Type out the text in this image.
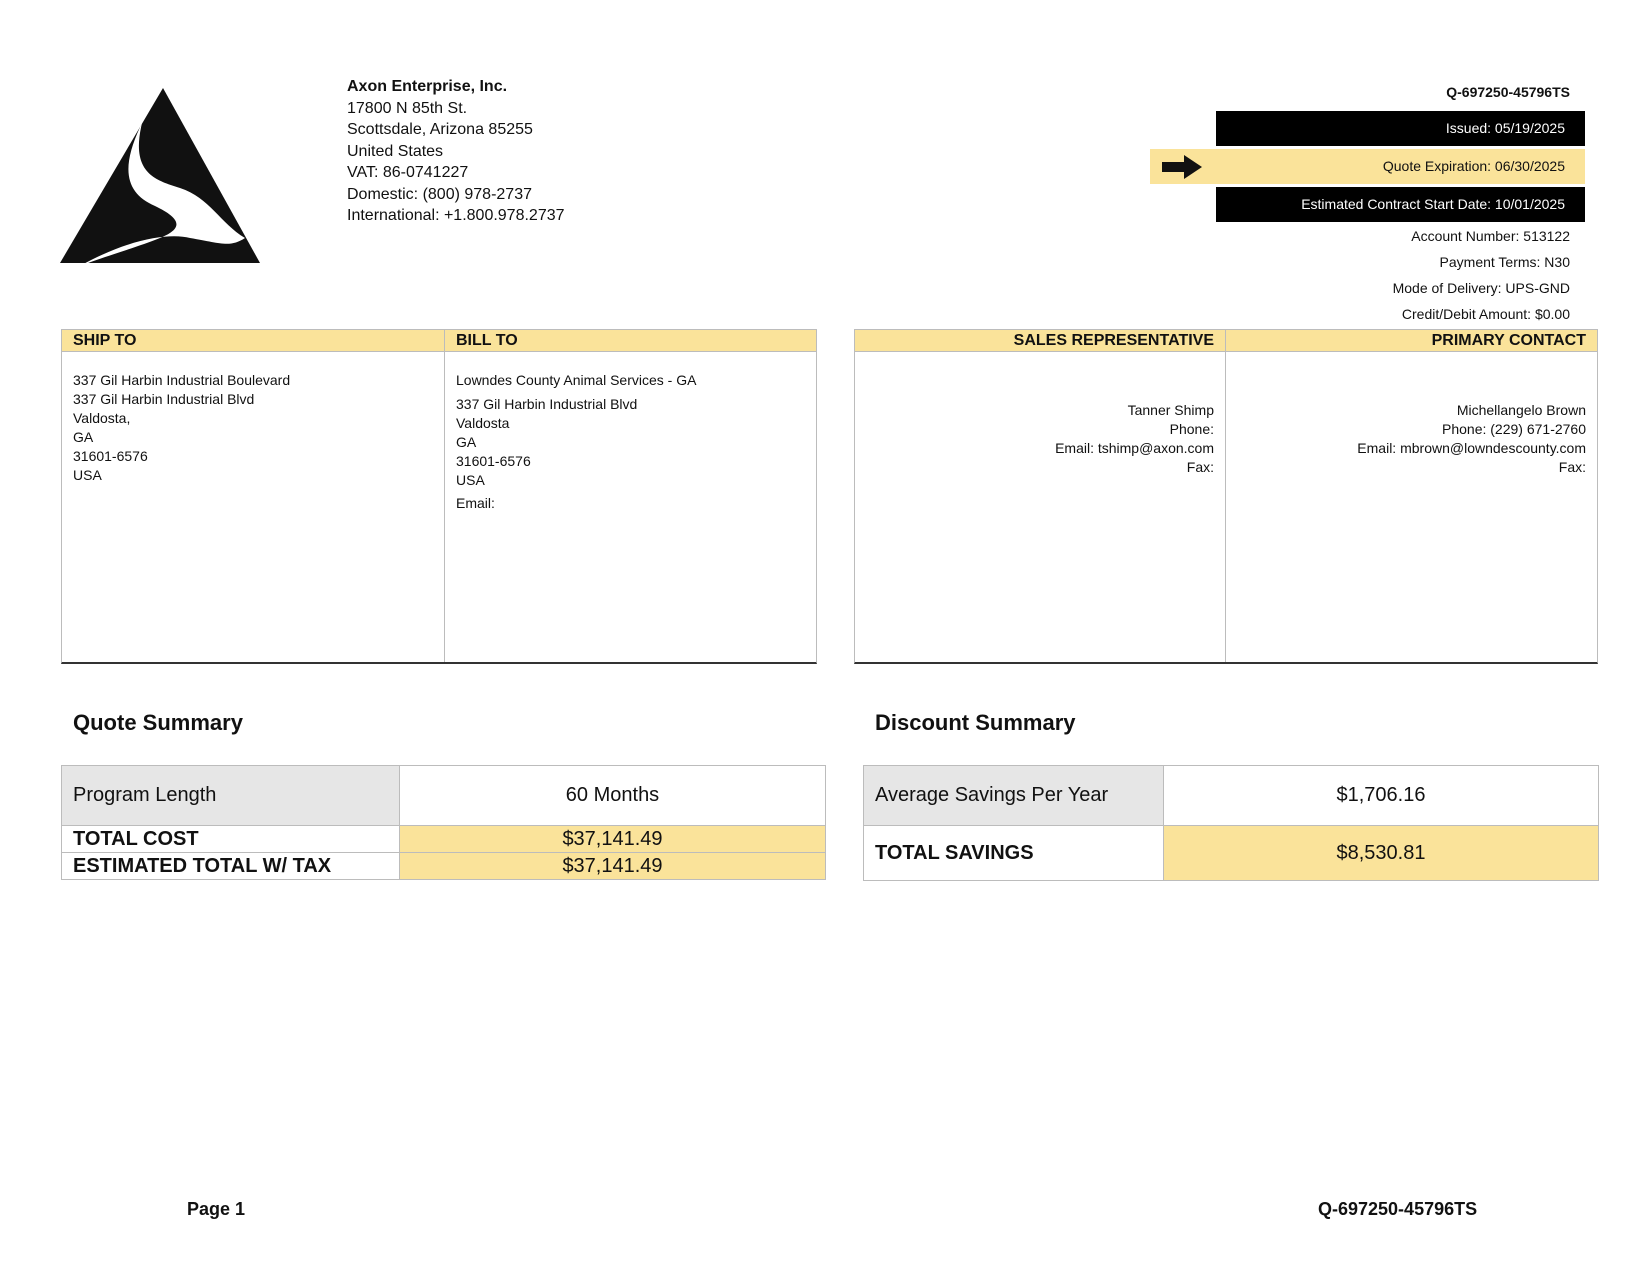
Axon Enterprise, Inc.
17800 N 85th St.
Scottsdale, Arizona 85255
United States
VAT: 86-0741227
Domestic: (800) 978-2737
International: +1.800.978.2737
Q-697250-45796TS
Issued: 05/19/2025
Quote Expiration: 06/30/2025
Estimated Contract Start Date: 10/01/2025
Account Number: 513122
Payment Terms: N30
Mode of Delivery: UPS-GND
Credit/Debit Amount: $0.00
SHIP TO
337 Gil Harbin Industrial Boulevard
337 Gil Harbin Industrial Blvd
Valdosta,
GA
31601-6576
USA
BILL TO
Lowndes County Animal Services - GA
337 Gil Harbin Industrial Blvd
Valdosta
GA
31601-6576
USA
Email:
SALES REPRESENTATIVE
Tanner Shimp
Phone:
Email: tshimp@axon.com
Fax:
PRIMARY CONTACT
Michellangelo Brown
Phone: (229) 671-2760
Email: mbrown@lowndescounty.com
Fax:
Quote Summary
Program Length	60 Months
TOTAL COST	$37,141.49
ESTIMATED TOTAL W/ TAX	$37,141.49
Discount Summary
Average Savings Per Year	$1,706.16
TOTAL SAVINGS	$8,530.81
Page 1	Q-697250-45796TS
